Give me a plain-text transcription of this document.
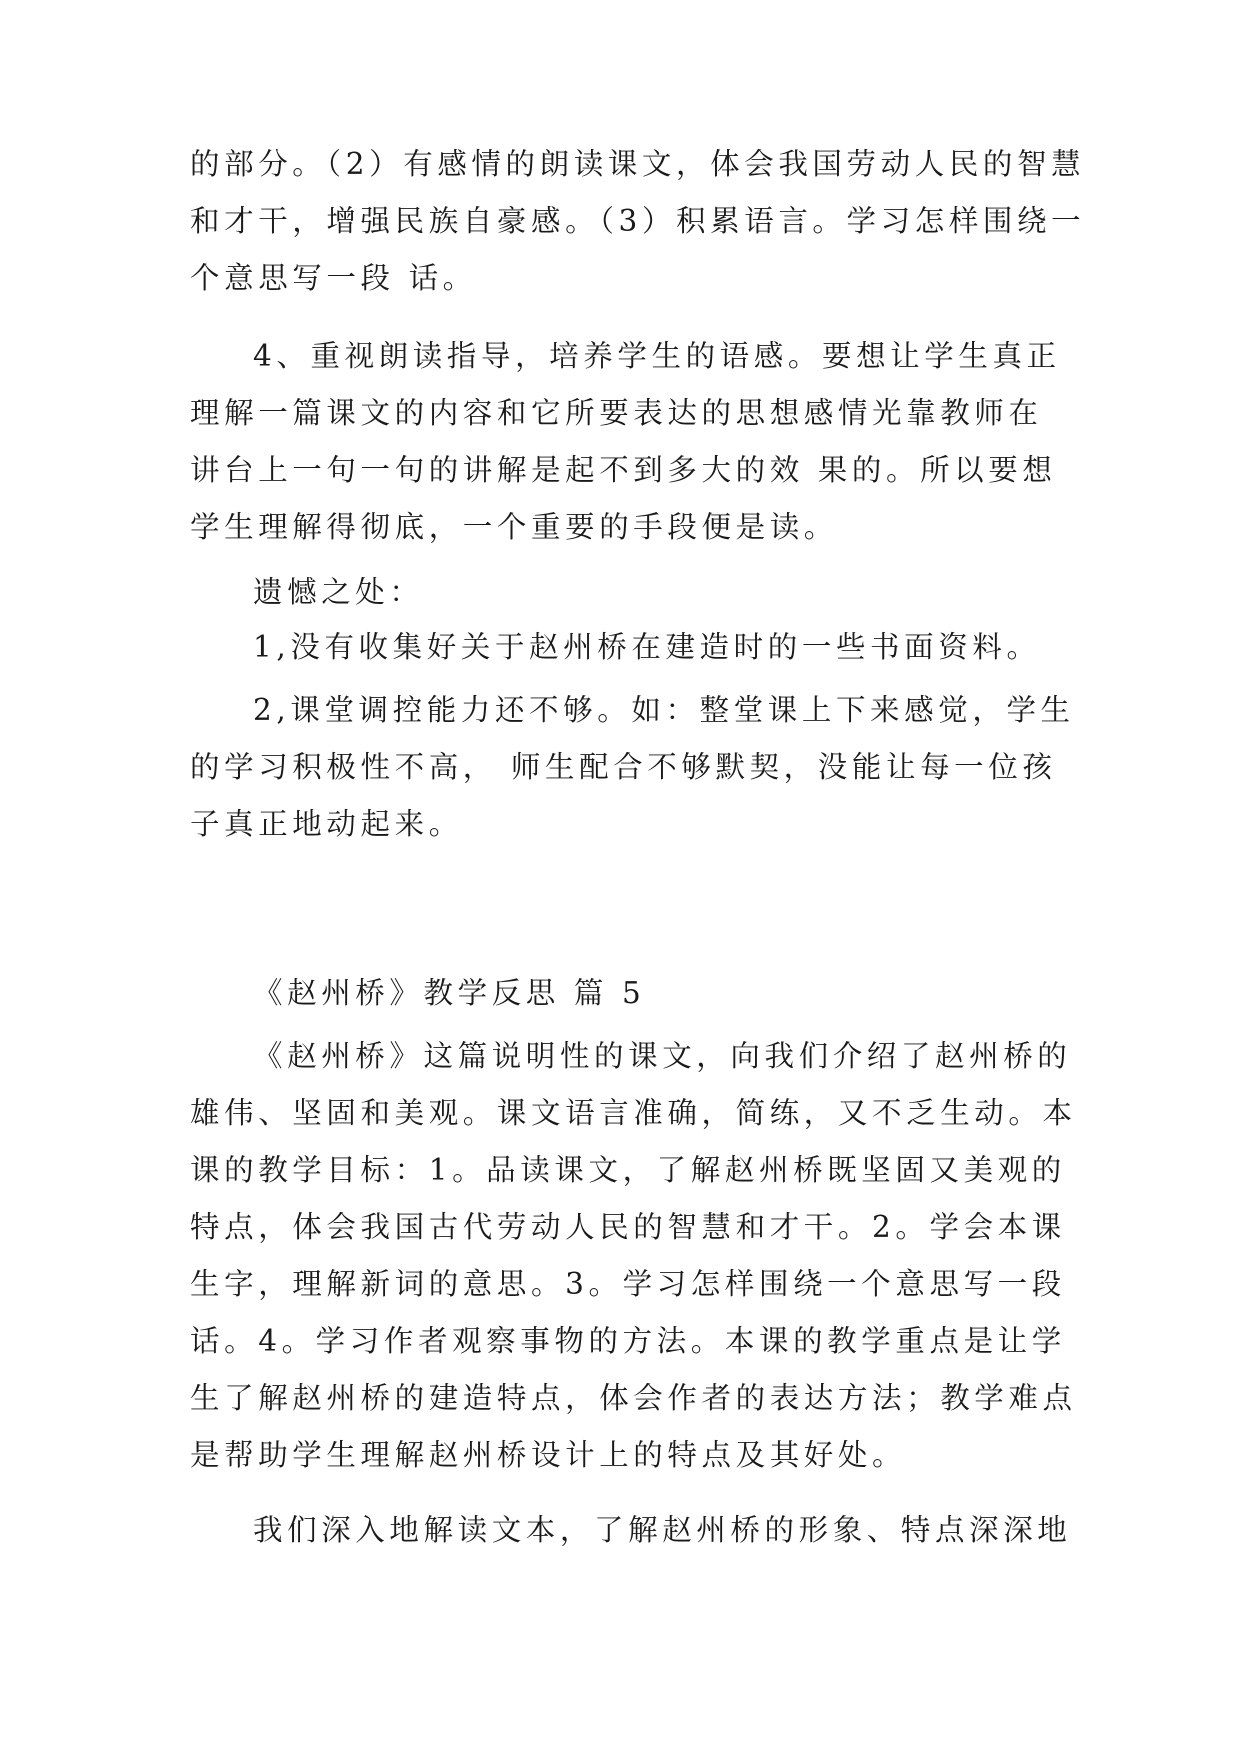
的部分。（2）有感情的朗读课文，体会我国劳动人民的智慧
和才干，增强民族自豪感。（3）积累语言。学习怎样围绕一
个意思写一段 话。
4、重视朗读指导，培养学生的语感。要想让学生真正
理解一篇课文的内容和它所要表达的思想感情光靠教师在
讲台上一句一句的讲解是起不到多大的效 果的。所以要想
学生理解得彻底，一个重要的手段便是读。
遗憾之处：
1,没有收集好关于赵州桥在建造时的一些书面资料。
2,课堂调控能力还不够。如：整堂课上下来感觉，学生
的学习积极性不高， 师生配合不够默契，没能让每一位孩
子真正地动起来。
《赵州桥》教学反思 篇 5
《赵州桥》这篇说明性的课文，向我们介绍了赵州桥的
雄伟、坚固和美观。课文语言准确，简练，又不乏生动。本
课的教学目标：1。品读课文，了解赵州桥既坚固又美观的
特点，体会我国古代劳动人民的智慧和才干。2。学会本课
生字，理解新词的意思。3。学习怎样围绕一个意思写一段
话。4。学习作者观察事物的方法。本课的教学重点是让学
生了解赵州桥的建造特点，体会作者的表达方法；教学难点
是帮助学生理解赵州桥设计上的特点及其好处。
我们深入地解读文本，了解赵州桥的形象、特点深深地
